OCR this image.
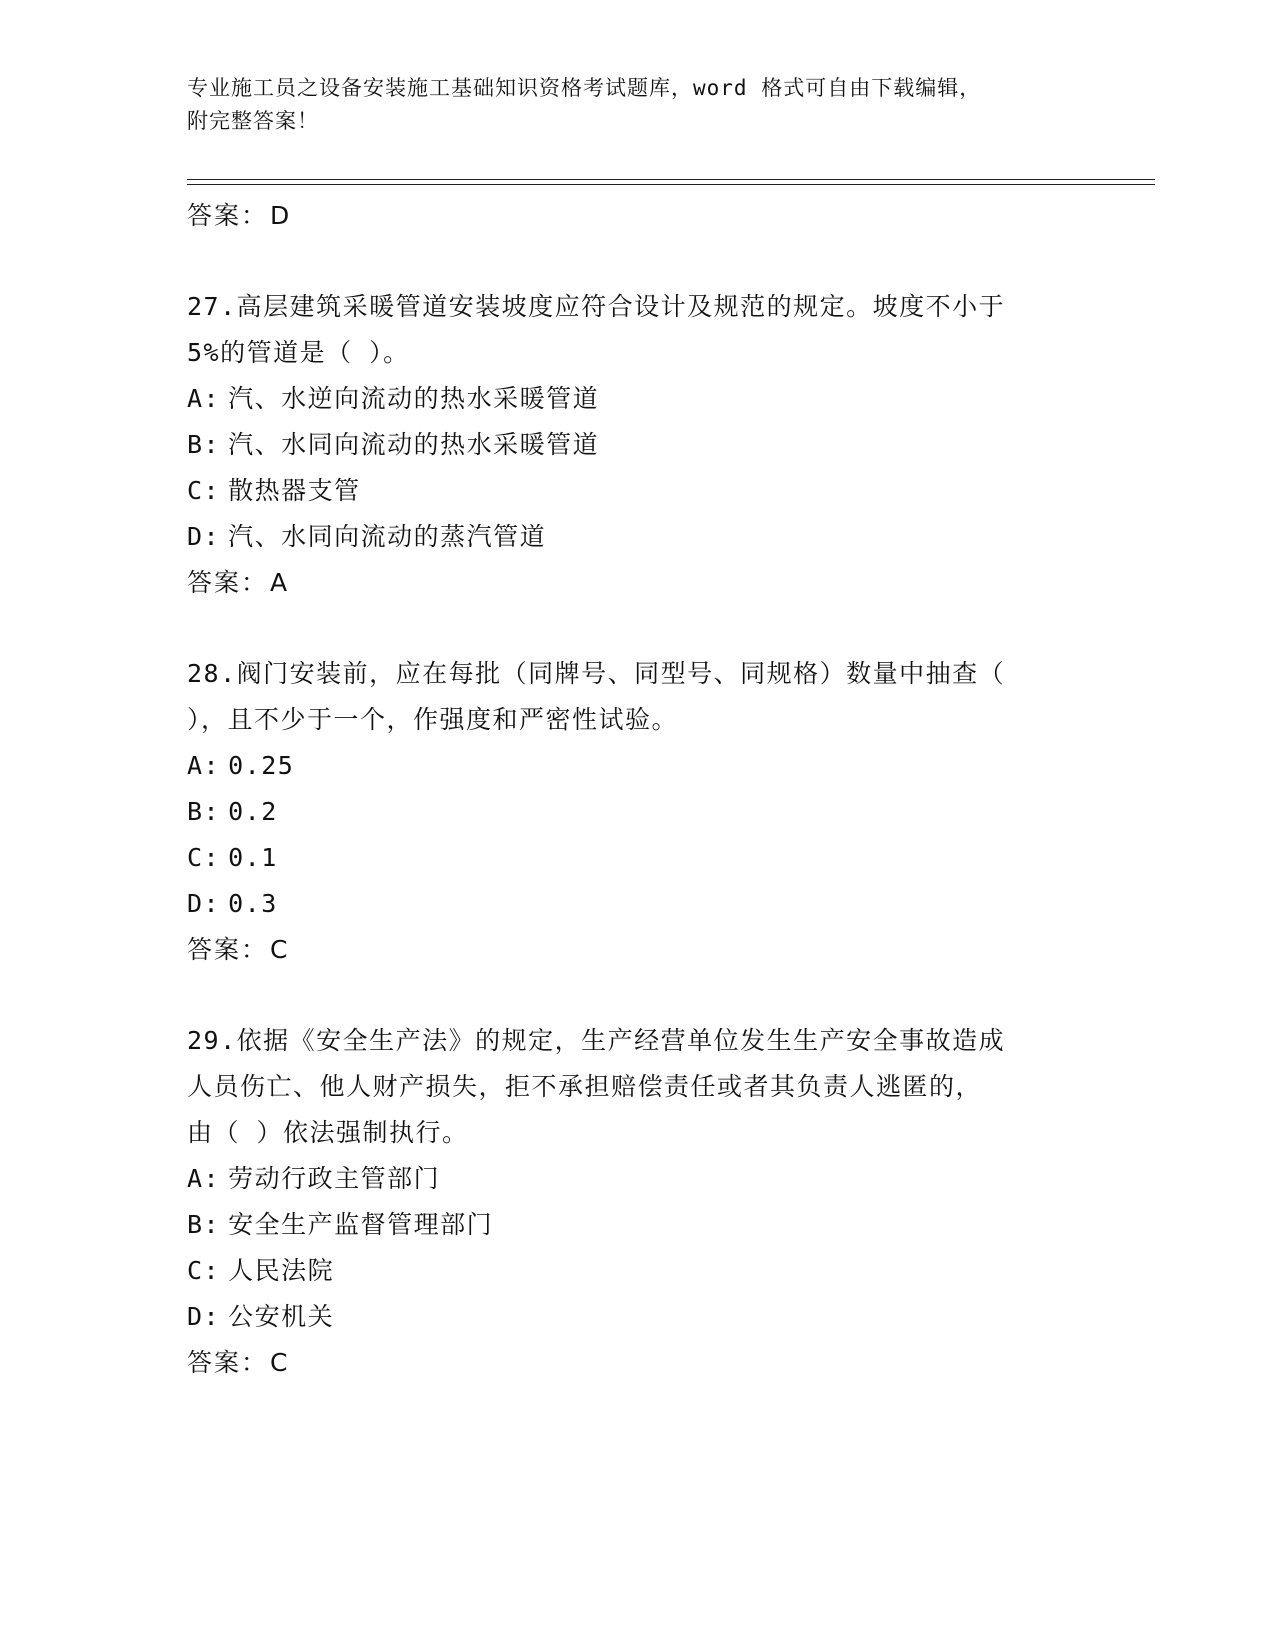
专业施工员之设备安装施工基础知识资格考试题库，word 格式可自由下载编辑，
附完整答案！
答案：D
27.高层建筑采暖管道安装坡度应符合设计及规范的规定。坡度不小于
5%的管道是（ ）。
A: 汽、水逆向流动的热水采暖管道
B: 汽、水同向流动的热水采暖管道
C: 散热器支管
D: 汽、水同向流动的蒸汽管道
答案：A
28.阀门安装前，应在每批（同牌号、同型号、同规格）数量中抽查（
），且不少于一个，作强度和严密性试验。
A: 0.25
B: 0.2
C: 0.1
D: 0.3
答案：C
29.依据《安全生产法》的规定，生产经营单位发生生产安全事故造成
人员伤亡、他人财产损失，拒不承担赔偿责任或者其负责人逃匿的，
由（ ）依法强制执行。
A: 劳动行政主管部门
B: 安全生产监督管理部门
C: 人民法院
D: 公安机关
答案：C
